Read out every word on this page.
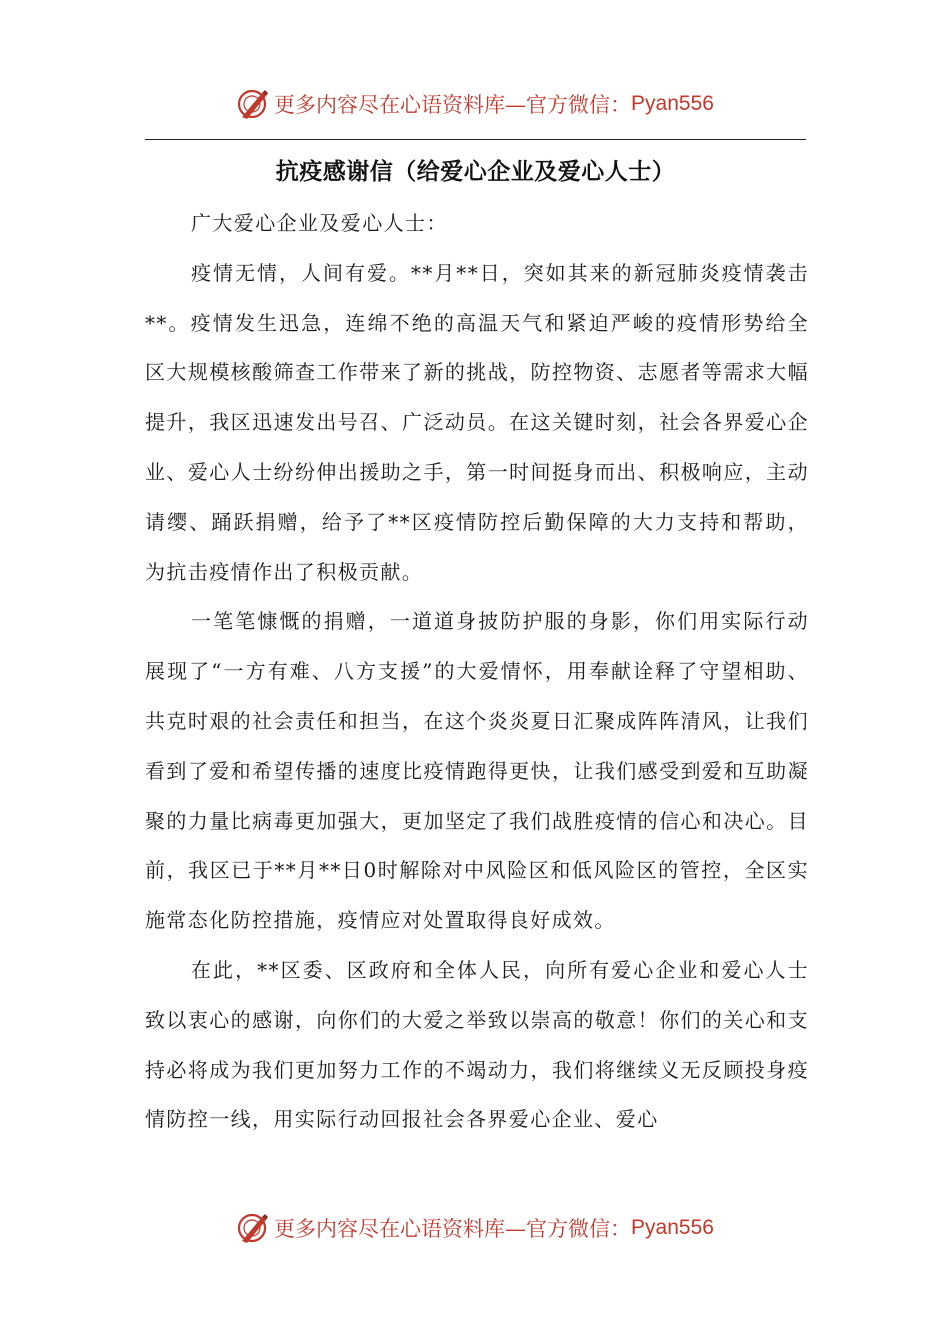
更多内容尽在心语资料库—官方微信： Pyan556
抗疫感谢信（给爱心企业及爱心人士）

广大爱心企业及爱心人士：

疫情无情，人间有爱。**月**日，突如其来的新冠肺炎疫情袭击**。疫情发生迅急，连绵不绝的高温天气和紧迫严峻的疫情形势给全区大规模核酸筛查工作带来了新的挑战，防控物资、志愿者等需求大幅提升，我区迅速发出号召、广泛动员。在这关键时刻，社会各界爱心企业、爱心人士纷纷伸出援助之手，第一时间挺身而出、积极响应，主动请缨、踊跃捐赠，给予了**区疫情防控后勤保障的大力支持和帮助，为抗击疫情作出了积极贡献。

一笔笔慷慨的捐赠，一道道身披防护服的身影，你们用实际行动展现了“一方有难、八方支援”的大爱情怀，用奉献诠释了守望相助、共克时艰的社会责任和担当，在这个炎炎夏日汇聚成阵阵清风，让我们看到了爱和希望传播的速度比疫情跑得更快，让我们感受到爱和互助凝聚的力量比病毒更加强大，更加坚定了我们战胜疫情的信心和决心。目前，我区已于**月**日0时解除对中风险区和低风险区的管控，全区实施常态化防控措施，疫情应对处置取得良好成效。

在此，**区委、区政府和全体人民，向所有爱心企业和爱心人士致以衷心的感谢，向你们的大爱之举致以崇高的敬意！你们的关心和支持必将成为我们更加努力工作的不竭动力，我们将继续义无反顾投身疫情防控一线，用实际行动回报社会各界爱心企业、爱心

更多内容尽在心语资料库—官方微信： Pyan556
